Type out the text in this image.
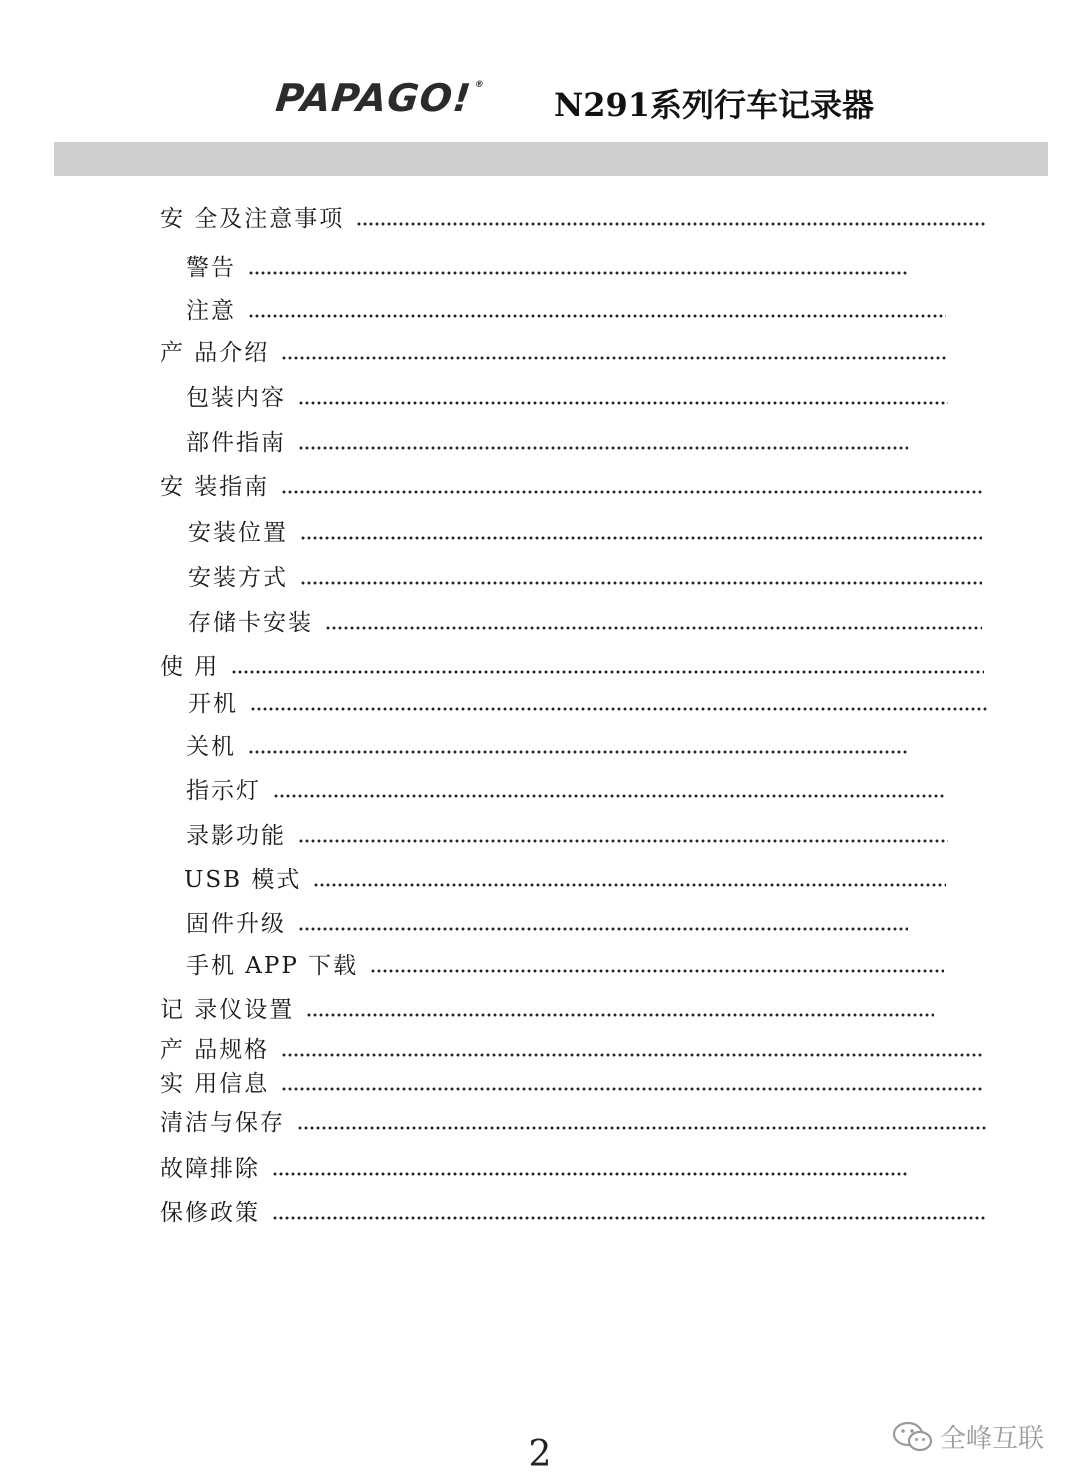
PAPAGO!®
N291系列行车记录器
安 全及注意事项
警告
注意
产 品介绍
包装内容
部件指南
安 装指南
安装位置
安装方式
存储卡安装
使 用
开机
关机
指示灯
录影功能
USB 模式
固件升级
手机 APP 下载
记 录仪设置
产 品规格
实 用信息
清洁与保存
故障排除
保修政策
全峰互联
2
